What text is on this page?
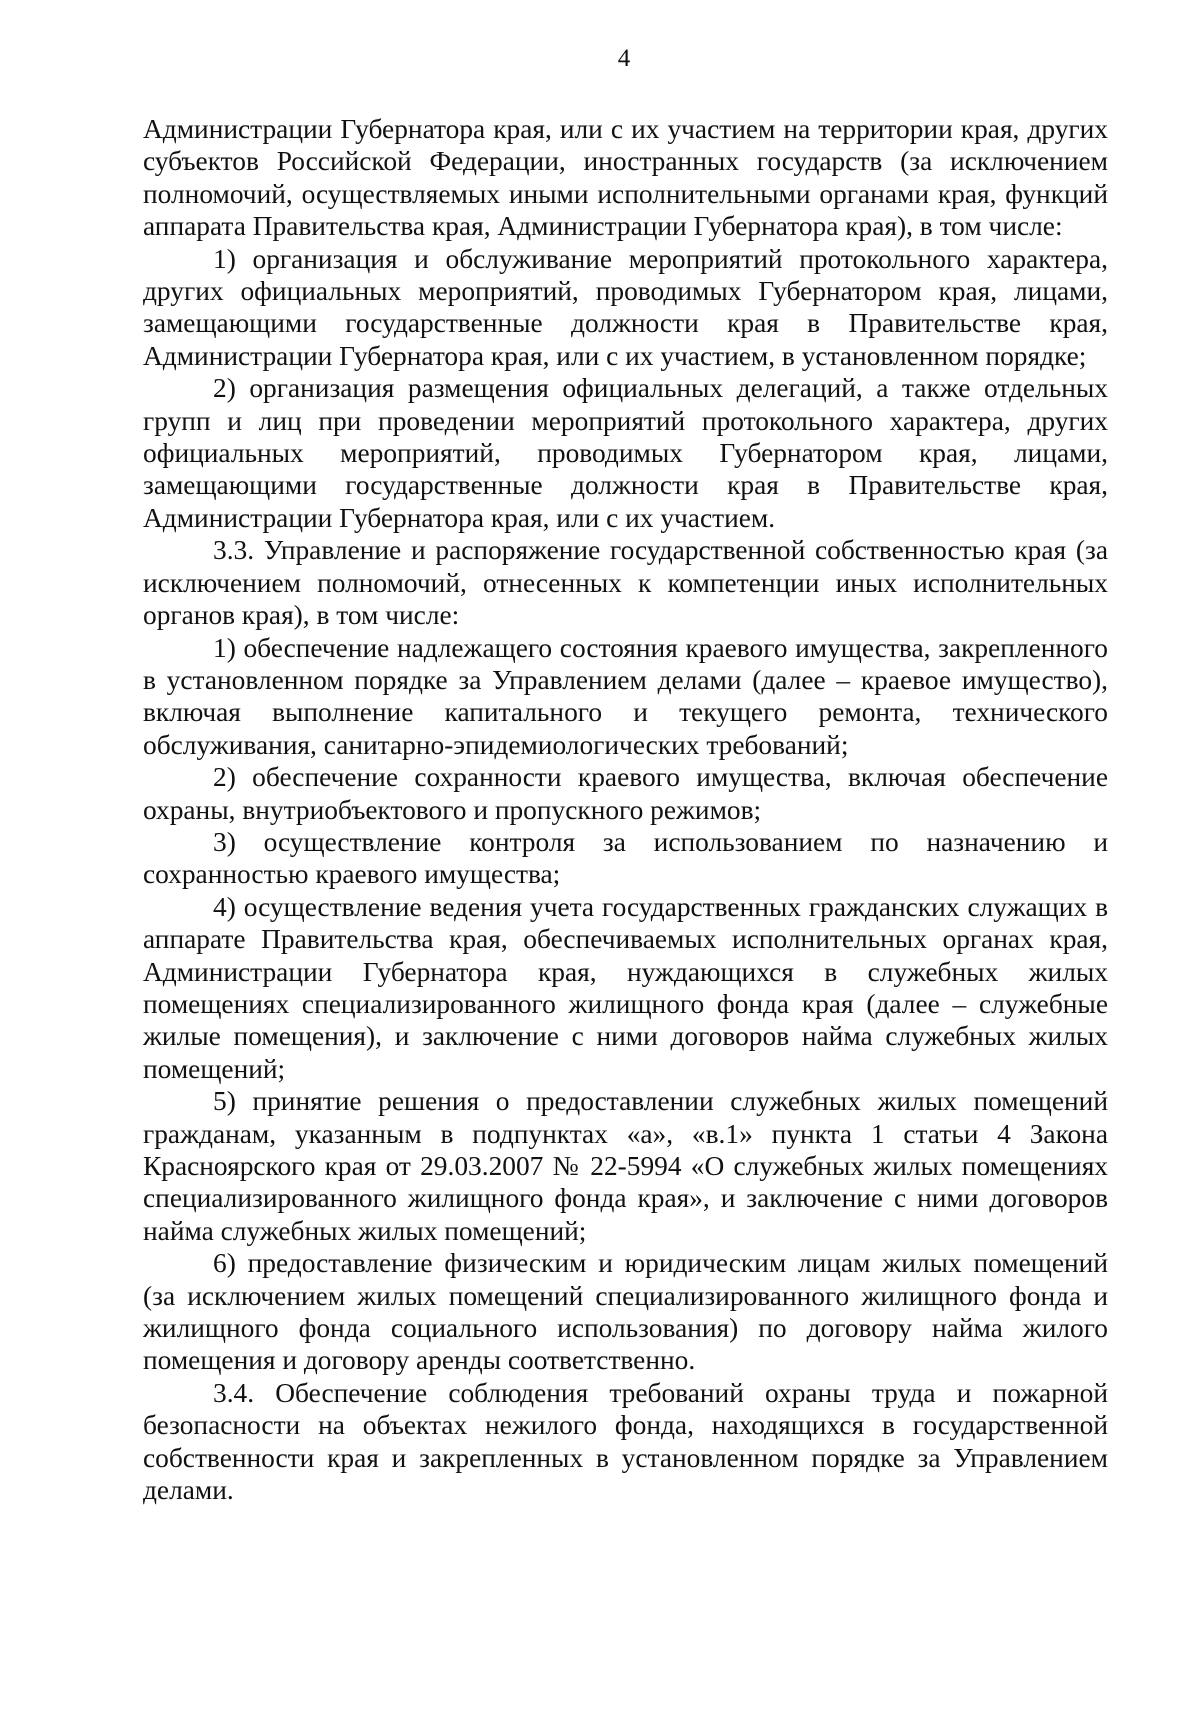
4

Администрации Губернатора края, или с их участием на территории края, других субъектов Российской Федерации, иностранных государств (за исключением полномочий, осуществляемых иными исполнительными органами края, функций аппарата Правительства края, Администрации Губернатора края), в том числе:

1) организация и обслуживание мероприятий протокольного характера, других официальных мероприятий, проводимых Губернатором края, лицами, замещающими государственные должности края в Правительстве края, Администрации Губернатора края, или с их участием, в установленном порядке;

2) организация размещения официальных делегаций, а также отдельных групп и лиц при проведении мероприятий протокольного характера, других официальных мероприятий, проводимых Губернатором края, лицами, замещающими государственные должности края в Правительстве края, Администрации Губернатора края, или с их участием.

3.3. Управление и распоряжение государственной собственностью края (за исключением полномочий, отнесенных к компетенции иных исполнительных органов края), в том числе:

1) обеспечение надлежащего состояния краевого имущества, закрепленного в установленном порядке за Управлением делами (далее – краевое имущество), включая выполнение капитального и текущего ремонта, технического обслуживания, санитарно-эпидемиологических требований;

2) обеспечение сохранности краевого имущества, включая обеспечение охраны, внутриобъектового и пропускного режимов;

3) осуществление контроля за использованием по назначению и сохранностью краевого имущества;

4) осуществление ведения учета государственных гражданских служащих в аппарате Правительства края, обеспечиваемых исполнительных органах края, Администрации Губернатора края, нуждающихся в служебных жилых помещениях специализированного жилищного фонда края (далее – служебные жилые помещения), и заключение с ними договоров найма служебных жилых помещений;

5) принятие решения о предоставлении служебных жилых помещений гражданам, указанным в подпунктах «а», «в.1» пункта 1 статьи 4 Закона Красноярского края от 29.03.2007 № 22-5994 «О служебных жилых помещениях специализированного жилищного фонда края», и заключение с ними договоров найма служебных жилых помещений;

6) предоставление физическим и юридическим лицам жилых помещений (за исключением жилых помещений специализированного жилищного фонда и жилищного фонда социального использования) по договору найма жилого помещения и договору аренды соответственно.

3.4. Обеспечение соблюдения требований охраны труда и пожарной безопасности на объектах нежилого фонда, находящихся в государственной собственности края и закрепленных в установленном порядке за Управлением делами.
